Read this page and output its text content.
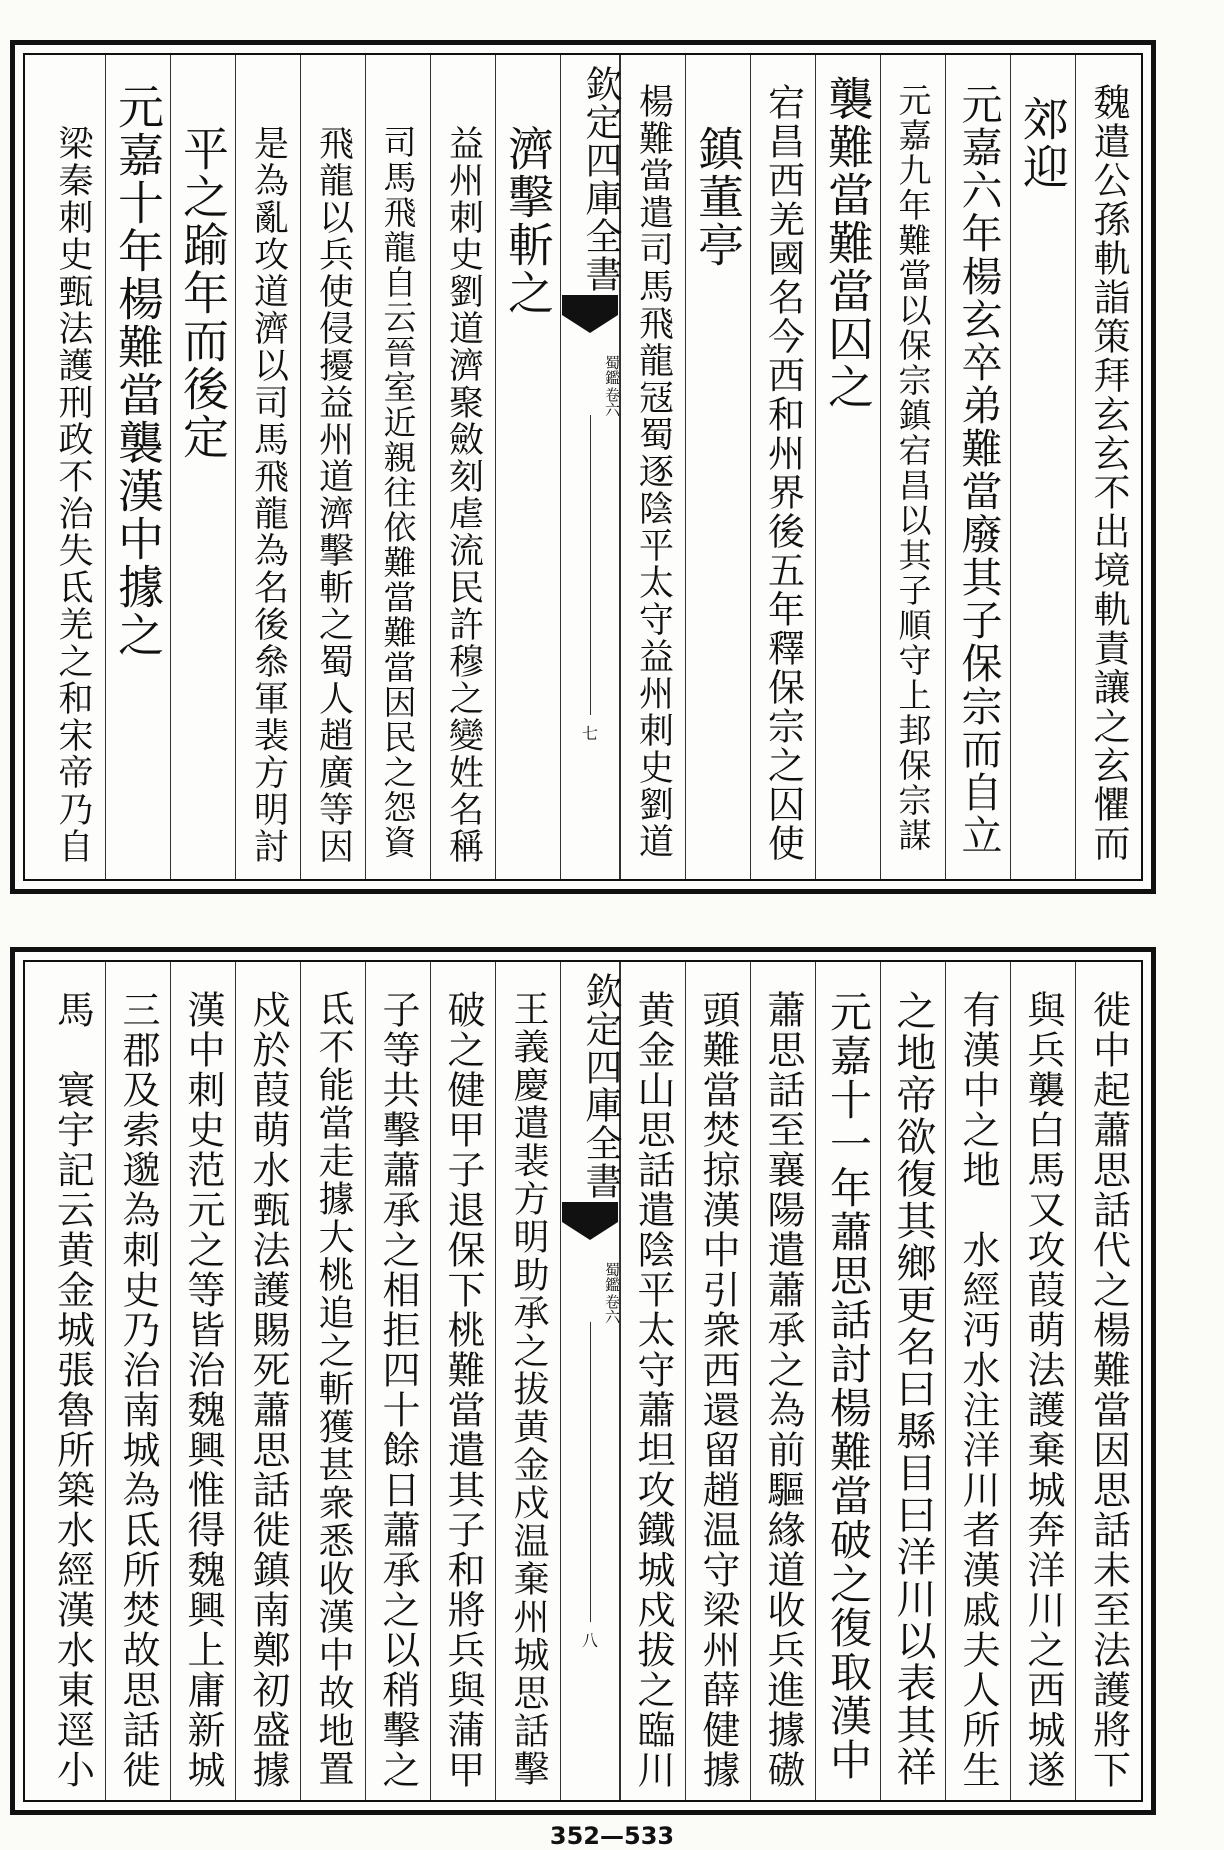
魏遣公孫軌詣策拜玄玄不出境軌責讓之玄懼而
郊迎
元嘉六年楊玄卒弟難當廢其子保宗而自立
元嘉九年難當以保宗鎮宕昌以其子順守上邽保宗謀
襲難當難當囚之
宕昌西羌國名今西和州界後五年釋保宗之囚使
鎮董亭
楊難當遣司馬飛龍冦蜀逐陰平太守益州刺史劉道
欽定四庫全書
蜀鑑
卷六
七
濟擊斬之
益州刺史劉道濟聚斂刻虐流民許穆之變姓名稱
司馬飛龍自云晉室近親往依難當難當因民之怨資
飛龍以兵使侵擾益州道濟擊斬之蜀人趙廣等因
是為亂攻道濟以司馬飛龍為名後叅軍裴方明討
平之踰年而後定
元嘉十年楊難當襲漢中據之
梁秦刺史甄法護刑政不治失氐羌之和宋帝乃自
徙中起蕭思話代之楊難當因思話未至法護將下
與兵襲白馬又攻葭萌法護棄城奔洋川之西城遂
有漢中之地　水經沔水注洋川者漢戚夫人所生
之地帝欲復其鄉更名曰縣目曰洋川以表其祥
元嘉十一年蕭思話討楊難當破之復取漢中
蕭思話至襄陽遣蕭承之為前驅緣道收兵進據磝
頭難當焚掠漢中引衆西還留趙温守梁州薛健據
黄金山思話遣陰平太守蕭坦攻鐵城戍拔之臨川
欽定四庫全書
蜀鑑
卷六
八
王義慶遣裴方明助承之拔黄金戍温棄州城思話擊
破之健甲子退保下桃難當遣其子和將兵與蒲甲
子等共擊蕭承之相拒四十餘日蕭承之以稍擊之
氐不能當走據大桃追之斬獲甚衆悉收漢中故地置
戍於葭萌水甄法護賜死蕭思話徙鎮南鄭初盛據
漢中刺史范元之等皆治魏興惟得魏興上庸新城
三郡及索邈為刺史乃治南城為氐所焚故思話徙
馬　寰宇記云黄金城張魯所築水經漢水東逕小
352—533
